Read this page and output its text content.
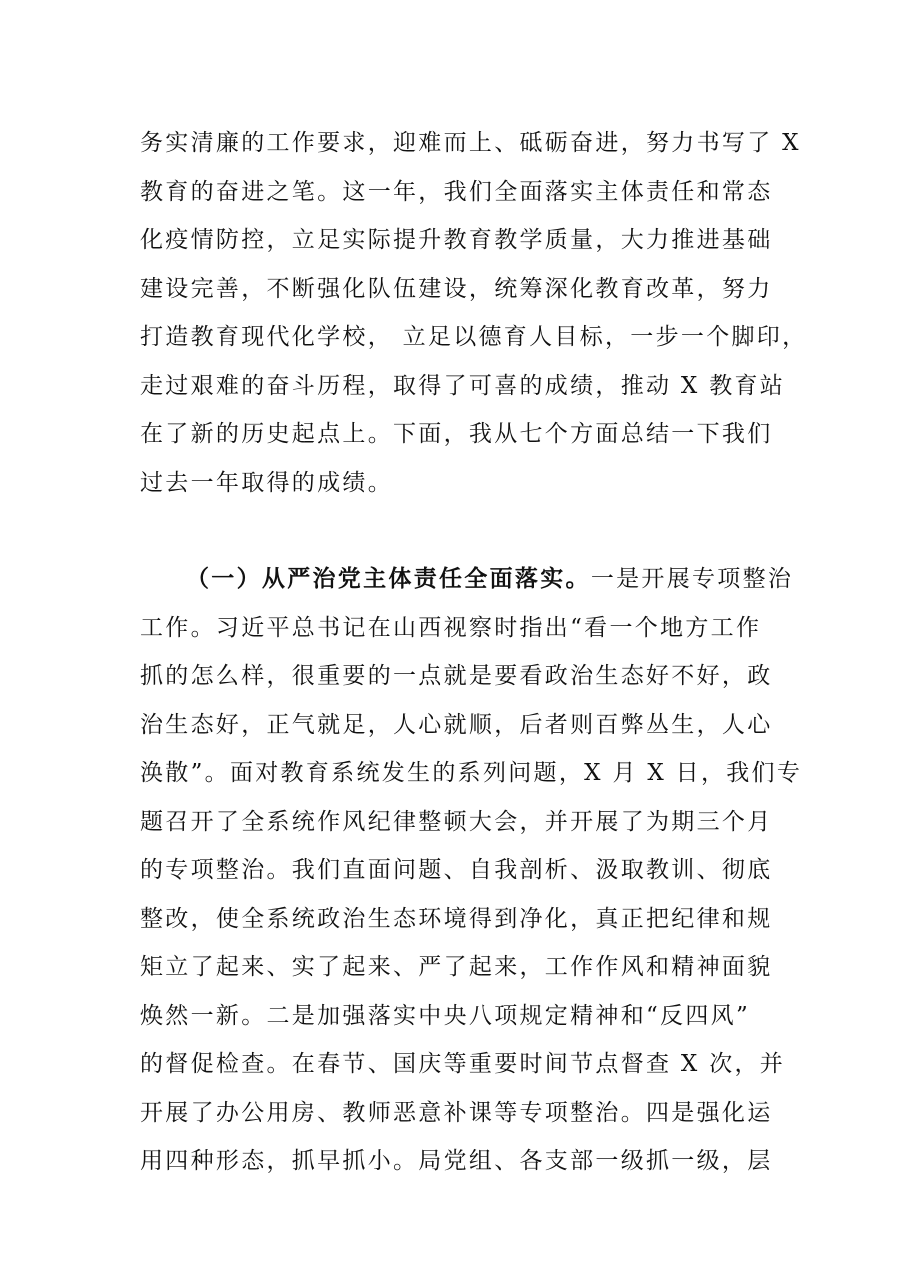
务实清廉的工作要求，迎难而上、砥砺奋进，努力书写了 X
教育的奋进之笔。这一年，我们全面落实主体责任和常态
化疫情防控，立足实际提升教育教学质量，大力推进基础
建设完善，不断强化队伍建设，统筹深化教育改革，努力
打造教育现代化学校， 立足以德育人目标，一步一个脚印，
走过艰难的奋斗历程，取得了可喜的成绩，推动 X 教育站
在了新的历史起点上。下面，我从七个方面总结一下我们
过去一年取得的成绩。
（一）从严治党主体责任全面落实。一是开展专项整治
工作。习近平总书记在山西视察时指出“看一个地方工作
抓的怎么样，很重要的一点就是要看政治生态好不好，政
治生态好，正气就足，人心就顺，后者则百弊丛生，人心
涣散”。面对教育系统发生的系列问题，X 月 X 日，我们专
题召开了全系统作风纪律整顿大会，并开展了为期三个月
的专项整治。我们直面问题、自我剖析、汲取教训、彻底
整改，使全系统政治生态环境得到净化，真正把纪律和规
矩立了起来、实了起来、严了起来，工作作风和精神面貌
焕然一新。二是加强落实中央八项规定精神和“反四风”
的督促检查。在春节、国庆等重要时间节点督查 X 次，并
开展了办公用房、教师恶意补课等专项整治。四是强化运
用四种形态，抓早抓小。局党组、各支部一级抓一级，层
